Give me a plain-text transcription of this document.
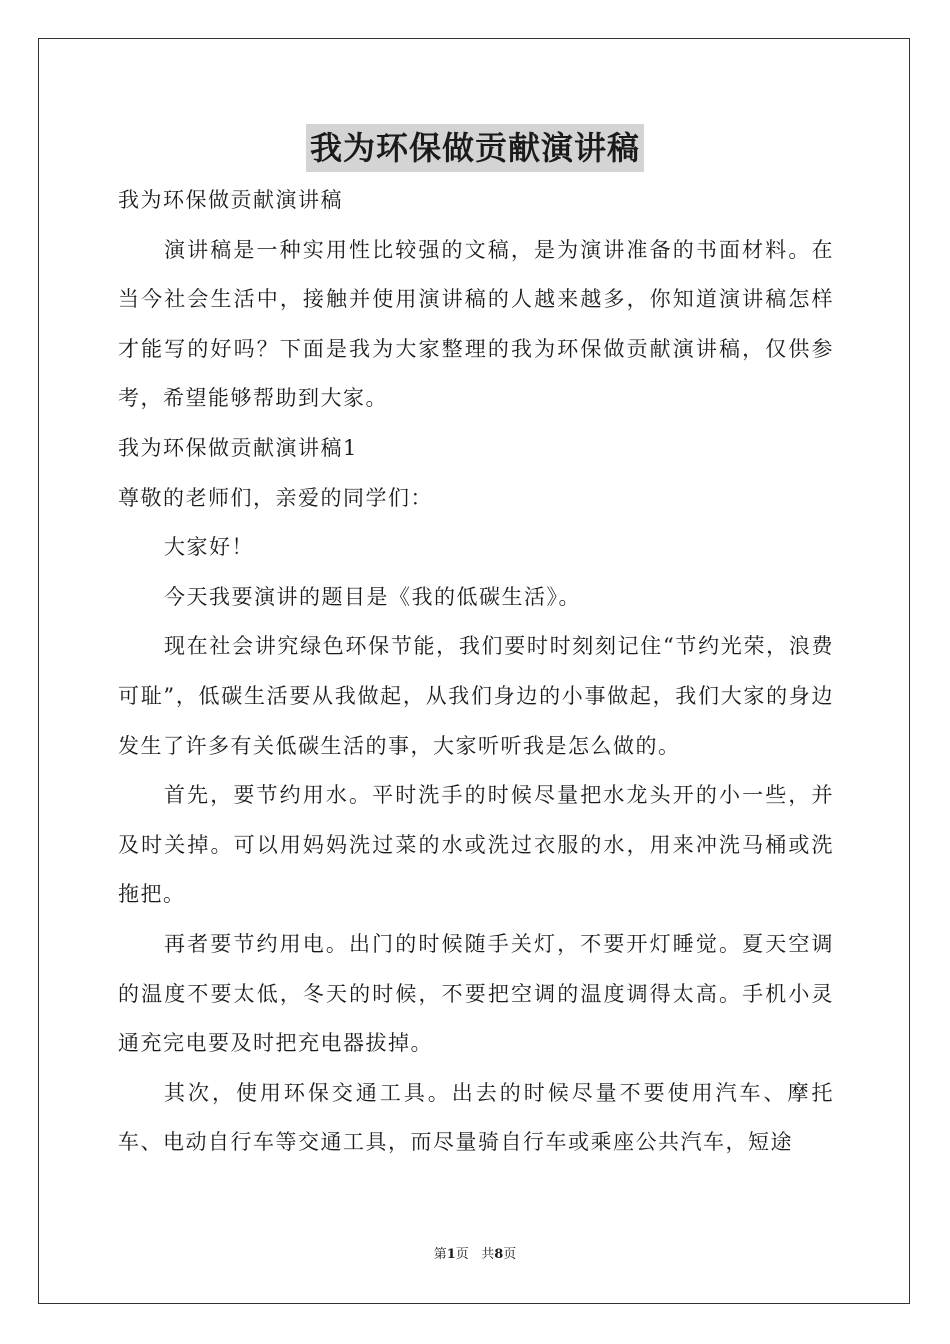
我为环保做贡献演讲稿

我为环保做贡献演讲稿

演讲稿是一种实用性比较强的文稿，是为演讲准备的书面材料。在当今社会生活中，接触并使用演讲稿的人越来越多，你知道演讲稿怎样才能写的好吗？下面是我为大家整理的我为环保做贡献演讲稿，仅供参考，希望能够帮助到大家。

我为环保做贡献演讲稿1

尊敬的老师们，亲爱的同学们：

大家好！

今天我要演讲的题目是《我的低碳生活》。

现在社会讲究绿色环保节能，我们要时时刻刻记住“节约光荣，浪费可耻”，低碳生活要从我做起，从我们身边的小事做起，我们大家的身边发生了许多有关低碳生活的事，大家听听我是怎么做的。

首先，要节约用水。平时洗手的时候尽量把水龙头开的小一些，并及时关掉。可以用妈妈洗过菜的水或洗过衣服的水，用来冲洗马桶或洗拖把。

再者要节约用电。出门的时候随手关灯，不要开灯睡觉。夏天空调的温度不要太低，冬天的时候，不要把空调的温度调得太高。手机小灵通充完电要及时把充电器拔掉。

其次，使用环保交通工具。出去的时候尽量不要使用汽车、摩托车、电动自行车等交通工具，而尽量骑自行车或乘座公共汽车，短途

第1页 共8页
